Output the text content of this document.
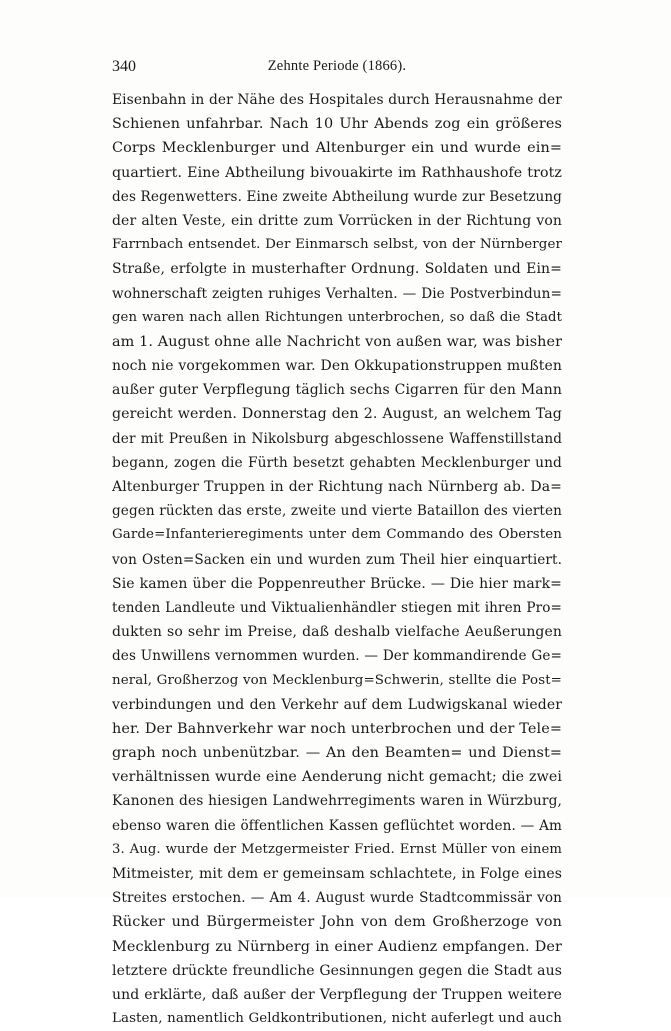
340	Zehnte Periode (1866).
Eisenbahn in der Nähe des Hospitales durch Herausnahme der
Schienen unfahrbar. Nach 10 Uhr Abends zog ein größeres
Corps Mecklenburger und Altenburger ein und wurde ein=
quartiert. Eine Abtheilung bivouakirte im Rathhaushofe trotz
des Regenwetters. Eine zweite Abtheilung wurde zur Besetzung
der alten Veste, ein dritte zum Vorrücken in der Richtung von
Farrnbach entsendet. Der Einmarsch selbst, von der Nürnberger
Straße, erfolgte in musterhafter Ordnung. Soldaten und Ein=
wohnerschaft zeigten ruhiges Verhalten. — Die Postverbindun=
gen waren nach allen Richtungen unterbrochen, so daß die Stadt
am 1. August ohne alle Nachricht von außen war, was bisher
noch nie vorgekommen war. Den Okkupationstruppen mußten
außer guter Verpflegung täglich sechs Cigarren für den Mann
gereicht werden. Donnerstag den 2. August, an welchem Tag
der mit Preußen in Nikolsburg abgeschlossene Waffenstillstand
begann, zogen die Fürth besetzt gehabten Mecklenburger und
Altenburger Truppen in der Richtung nach Nürnberg ab. Da=
gegen rückten das erste, zweite und vierte Bataillon des vierten
Garde=Infanterieregiments unter dem Commando des Obersten
von Osten=Sacken ein und wurden zum Theil hier einquartiert.
Sie kamen über die Poppenreuther Brücke. — Die hier mark=
tenden Landleute und Viktualienhändler stiegen mit ihren Pro=
dukten so sehr im Preise, daß deshalb vielfache Aeußerungen
des Unwillens vernommen wurden. — Der kommandirende Ge=
neral, Großherzog von Mecklenburg=Schwerin, stellte die Post=
verbindungen und den Verkehr auf dem Ludwigskanal wieder
her. Der Bahnverkehr war noch unterbrochen und der Tele=
graph noch unbenützbar. — An den Beamten= und Dienst=
verhältnissen wurde eine Aenderung nicht gemacht; die zwei
Kanonen des hiesigen Landwehrregiments waren in Würzburg,
ebenso waren die öffentlichen Kassen geflüchtet worden. — Am
3. Aug. wurde der Metzgermeister Fried. Ernst Müller von einem
Mitmeister, mit dem er gemeinsam schlachtete, in Folge eines
Streites erstochen. — Am 4. August wurde Stadtcommissär von
Rücker und Bürgermeister John von dem Großherzoge von
Mecklenburg zu Nürnberg in einer Audienz empfangen. Der
letztere drückte freundliche Gesinnungen gegen die Stadt aus
und erklärte, daß außer der Verpflegung der Truppen weitere
Lasten, namentlich Geldkontributionen, nicht auferlegt und auch
